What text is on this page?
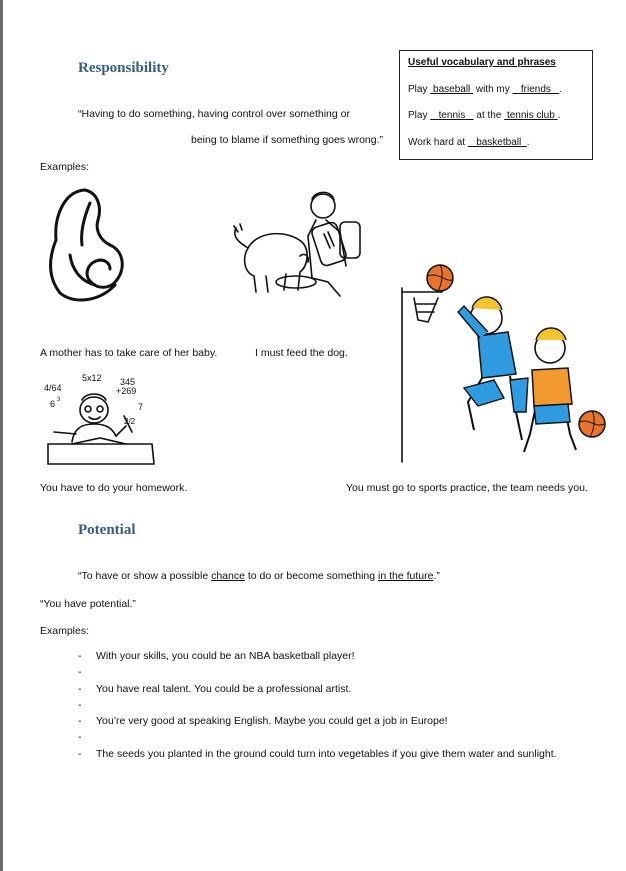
Responsibility
“Having to do something, having control over something or
being to blame if something goes wrong.”
Examples:
Useful vocabulary and phrases
Play  baseball  with my    friends .
Play    tennis    at the  tennis club .
Work hard at    basketball .
A mother has to take care of her baby.	I must feed the dog.
5x12 345
+269
4/64
6 3
2/2
7
You have to do your homework.	You must go to sports practice, the team needs you.
Potential
“To have or show a possible chance to do or become something in the future.”
“You have potential.”
Examples:
- With your skills, you could be an NBA basketball player!
-
- You have real talent. You could be a professional artist.
-
- You’re very good at speaking English. Maybe you could get a job in Europe!
-
- The seeds you planted in the ground could turn into vegetables if you give them water and sunlight.
